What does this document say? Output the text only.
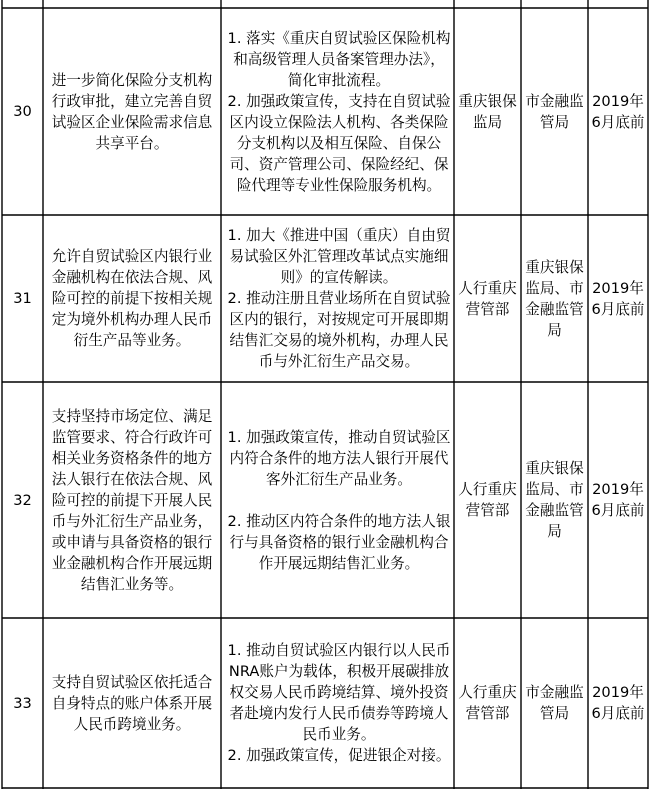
30
进一步简化保险分支机构行政审批，建立完善自贸试验区企业保险需求信息共享平台。
1. 落实《重庆自贸试验区保险机构和高级管理人员备案管理办法》，简化审批流程。
2. 加强政策宣传，支持在自贸试验区内设立保险法人机构、各类保险分支机构以及相互保险、自保公司、资产管理公司、保险经纪、保险代理等专业性保险服务机构。
重庆银保监局
市金融监管局
2019年6月底前
31
允许自贸试验区内银行业金融机构在依法合规、风险可控的前提下按相关规定为境外机构办理人民币衍生产品等业务。
1. 加大《推进中国（重庆）自由贸易试验区外汇管理改革试点实施细则》的宣传解读。
2. 推动注册且营业场所在自贸试验区内的银行，对按规定可开展即期结售汇交易的境外机构，办理人民币与外汇衍生产品交易。
人行重庆营管部
重庆银保监局、市金融监管局
2019年6月底前
32
支持坚持市场定位、满足监管要求、符合行政许可相关业务资格条件的地方法人银行在依法合规、风险可控的前提下开展人民币与外汇衍生产品业务，或申请与具备资格的银行业金融机构合作开展远期结售汇业务等。
1. 加强政策宣传，推动自贸试验区内符合条件的地方法人银行开展代客外汇衍生产品业务。
2. 推动区内符合条件的地方法人银行与具备资格的银行业金融机构合作开展远期结售汇业务。
人行重庆营管部
重庆银保监局、市金融监管局
2019年6月底前
33
支持自贸试验区依托适合自身特点的账户体系开展人民币跨境业务。
1. 推动自贸试验区内银行以人民币NRA账户为载体，积极开展碳排放权交易人民币跨境结算、境外投资者赴境内发行人民币债券等跨境人民币业务。
2. 加强政策宣传，促进银企对接。
人行重庆营管部
市金融监管局
2019年6月底前
